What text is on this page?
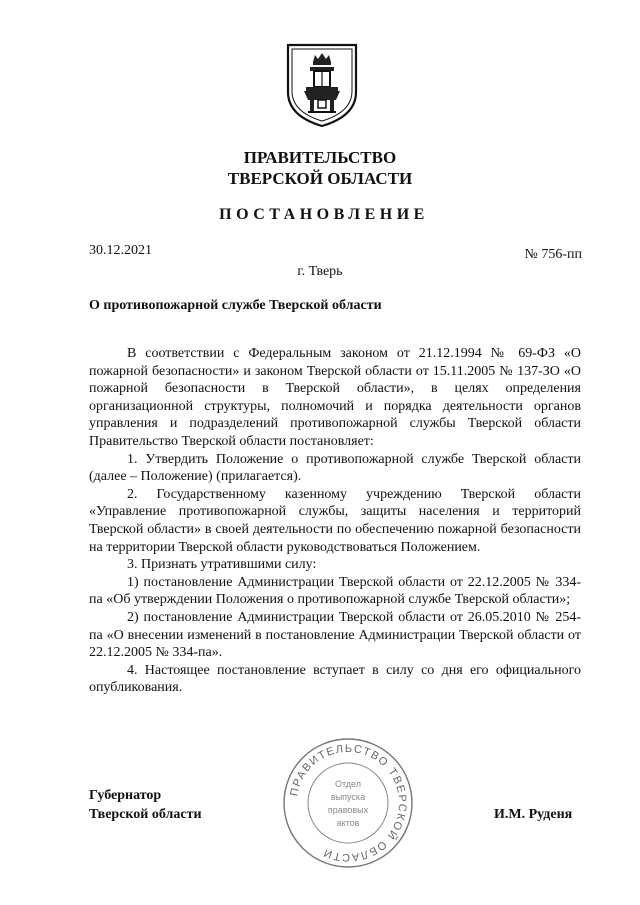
ПРАВИТЕЛЬСТВО
ТВЕРСКОЙ ОБЛАСТИ
ПОСТАНОВЛЕНИЕ
30.12.2021	№ 756-пп
г. Тверь
О противопожарной службе Тверской области

В соответствии с Федеральным законом от 21.12.1994 № 69-ФЗ «О пожарной безопасности» и законом Тверской области от 15.11.2005 № 137-ЗО «О пожарной безопасности в Тверской области», в целях определения организационной структуры, полномочий и порядка деятельности органов управления и подразделений противопожарной службы Тверской области Правительство Тверской области постановляет:

1. Утвердить Положение о противопожарной службе Тверской области (далее – Положение) (прилагается).

2. Государственному казенному учреждению Тверской области «Управление противопожарной службы, защиты населения и территорий Тверской области» в своей деятельности по обеспечению пожарной безопасности на территории Тверской области руководствоваться Положением.

3. Признать утратившими силу:

1) постановление Администрации Тверской области от 22.12.2005 № 334-па «Об утверждении Положения о противопожарной службе Тверской области»;

2) постановление Администрации Тверской области от 26.05.2010 № 254-па «О внесении изменений в постановление Администрации Тверской области от 22.12.2005 № 334-па».

4. Настоящее постановление вступает в силу со дня его официального опубликования.

ПРАВИТЕЛЬСТВО ТВЕРСКОЙ ОБЛАСТИ
Отдел
выпуска
правовых
актов
Губернатор
Тверской области	И.М. Руденя
